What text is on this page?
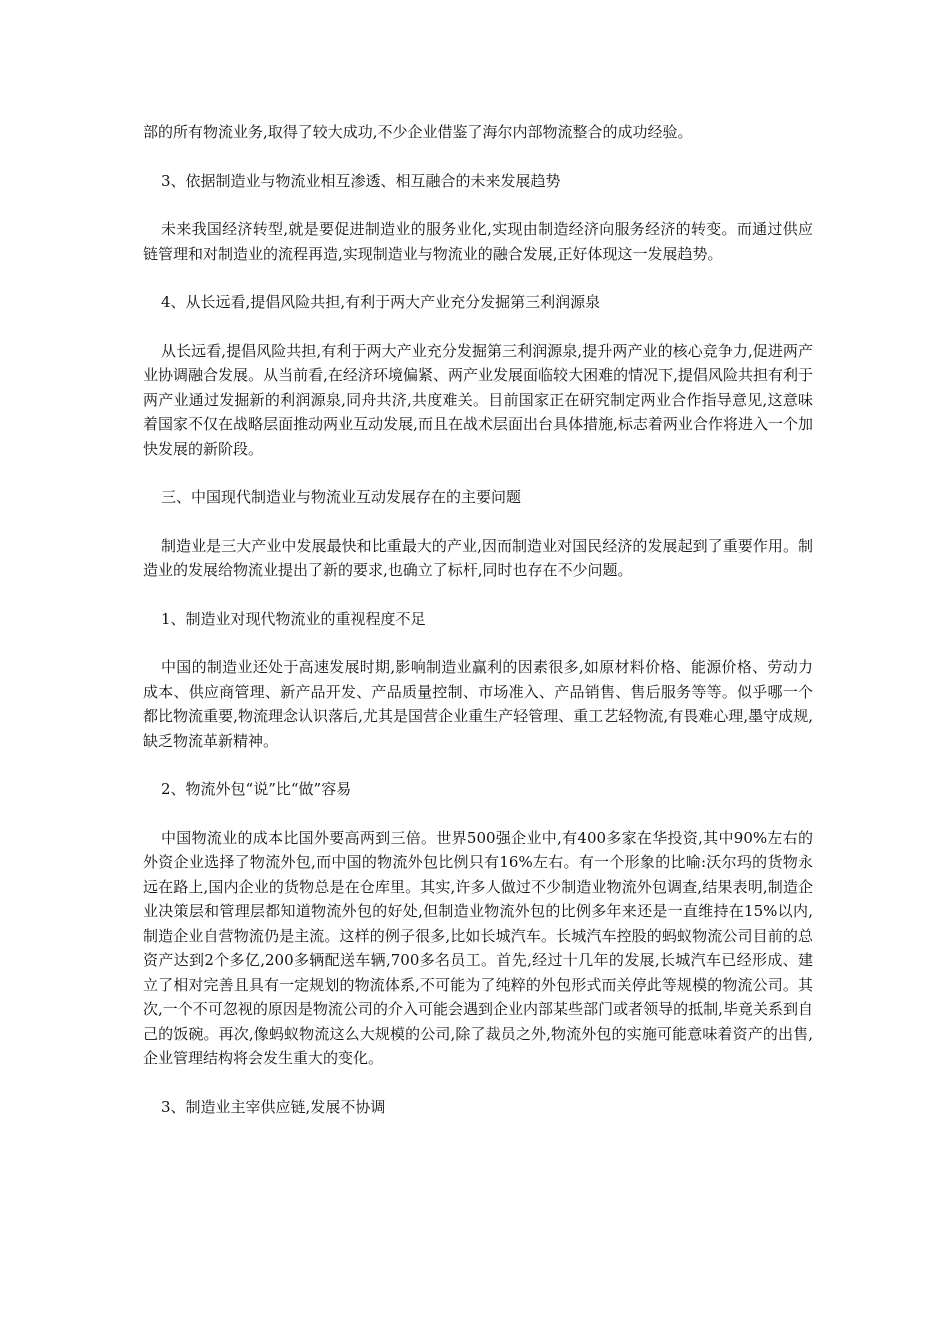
部的所有物流业务,取得了较大成功,不少企业借鉴了海尔内部物流整合的成功经验。

3、依据制造业与物流业相互渗透、相互融合的未来发展趋势

未来我国经济转型,就是要促进制造业的服务业化,实现由制造经济向服务经济的转变。而通过供应链管理和对制造业的流程再造,实现制造业与物流业的融合发展,正好体现这一发展趋势。

4、从长远看,提倡风险共担,有利于两大产业充分发掘第三利润源泉

从长远看,提倡风险共担,有利于两大产业充分发掘第三利润源泉,提升两产业的核心竞争力,促进两产业协调融合发展。从当前看,在经济环境偏紧、两产业发展面临较大困难的情况下,提倡风险共担有利于两产业通过发掘新的利润源泉,同舟共济,共度难关。目前国家正在研究制定两业合作指导意见,这意味着国家不仅在战略层面推动两业互动发展,而且在战术层面出台具体措施,标志着两业合作将进入一个加快发展的新阶段。

三、中国现代制造业与物流业互动发展存在的主要问题

制造业是三大产业中发展最快和比重最大的产业,因而制造业对国民经济的发展起到了重要作用。制造业的发展给物流业提出了新的要求,也确立了标杆,同时也存在不少问题。

1、制造业对现代物流业的重视程度不足

中国的制造业还处于高速发展时期,影响制造业赢利的因素很多,如原材料价格、能源价格、劳动力成本、供应商管理、新产品开发、产品质量控制、市场准入、产品销售、售后服务等等。似乎哪一个都比物流重要,物流理念认识落后,尤其是国营企业重生产轻管理、重工艺轻物流,有畏难心理,墨守成规,缺乏物流革新精神。

2、物流外包“说”比“做”容易

中国物流业的成本比国外要高两到三倍。世界500强企业中,有400多家在华投资,其中90%左右的外资企业选择了物流外包,而中国的物流外包比例只有16%左右。有一个形象的比喻:沃尔玛的货物永远在路上,国内企业的货物总是在仓库里。其实,许多人做过不少制造业物流外包调查,结果表明,制造企业决策层和管理层都知道物流外包的好处,但制造业物流外包的比例多年来还是一直维持在15%以内,制造企业自营物流仍是主流。这样的例子很多,比如长城汽车。长城汽车控股的蚂蚁物流公司目前的总资产达到2个多亿,200多辆配送车辆,700多名员工。首先,经过十几年的发展,长城汽车已经形成、建立了相对完善且具有一定规划的物流体系,不可能为了纯粹的外包形式而关停此等规模的物流公司。其次,一个不可忽视的原因是物流公司的介入可能会遇到企业内部某些部门或者领导的抵制,毕竟关系到自己的饭碗。再次,像蚂蚁物流这么大规模的公司,除了裁员之外,物流外包的实施可能意味着资产的出售,企业管理结构将会发生重大的变化。

3、制造业主宰供应链,发展不协调
